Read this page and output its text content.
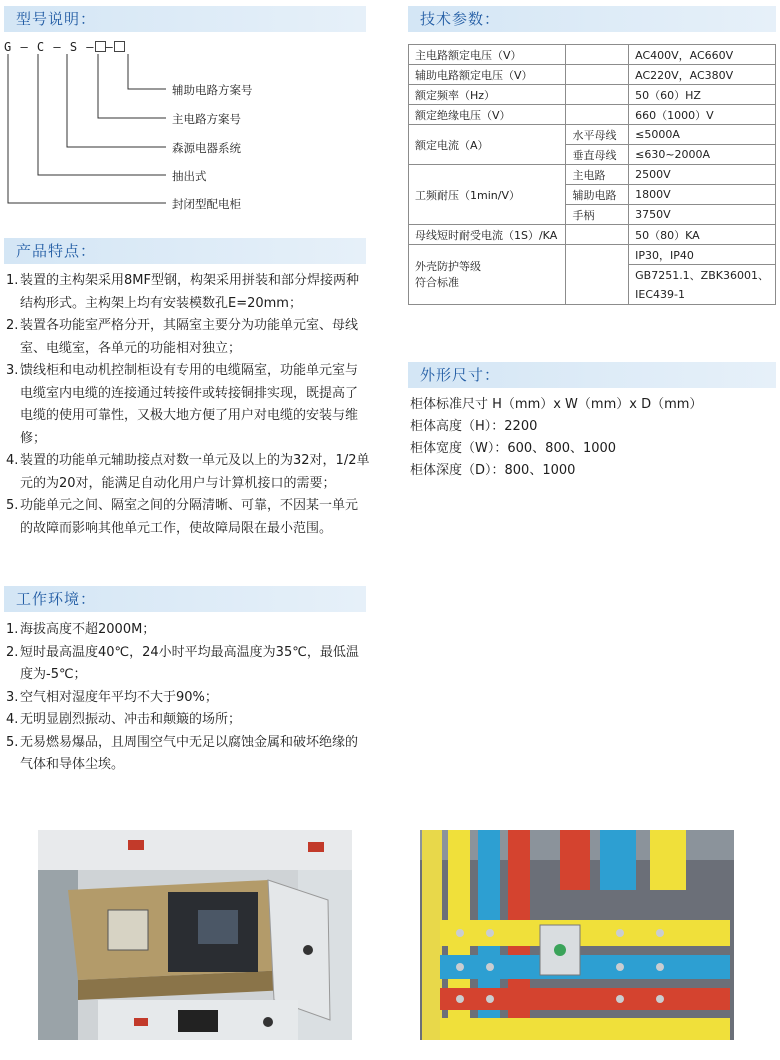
型号说明：
G — C — S — —
辅助电路方案号
主电路方案号
森源电器系统
抽出式
封闭型配电柜
产品特点：
1. 装置的主构架采用8MF型钢，构架采用拼装和部分焊接两种结构形式。主构架上均有安装模数孔E=20mm；
2. 装置各功能室严格分开，其隔室主要分为功能单元室、母线室、电缆室，各单元的功能相对独立；
3. 馈线柜和电动机控制柜设有专用的电缆隔室，功能单元室与电缆室内电缆的连接通过转接件或转接铜排实现，既提高了电缆的使用可靠性，又极大地方便了用户对电缆的安装与维修；
4. 装置的功能单元辅助接点对数一单元及以上的为32对，1/2单元的为20对，能满足自动化用户与计算机接口的需要；
5. 功能单元之间、隔室之间的分隔清晰、可靠，不因某一单元的故障而影响其他单元工作，使故障局限在最小范围。
工作环境：
1. 海拔高度不超2000M；
2. 短时最高温度40℃，24小时平均最高温度为35℃，最低温度为-5℃；
3. 空气相对湿度年平均不大于90%；
4. 无明显剧烈振动、冲击和颠簸的场所；
5. 无易燃易爆品，且周围空气中无足以腐蚀金属和破坏绝缘的气体和导体尘埃。
技术参数：
主电路额定电压（V）		AC400V，AC660V
辅助电路额定电压（V）		AC220V，AC380V
额定频率（Hz）		50（60）HZ
额定绝缘电压（V）		660（1000）V
额定电流（A）	水平母线	≤5000A
	垂直母线	≤630~2000A
工频耐压（1min/V）	主电路	2500V
	辅助电路	1800V
	手柄	3750V
母线短时耐受电流（1S）/KA		50（80）KA

外壳防护等级
符合标准		IP30，IP40
		GB7251.1、ZBK36001、
		IEC439-1
外形尺寸：
柜体标准尺寸 H（mm）x W（mm）x D（mm）
柜体高度（H）：2200
柜体宽度（W）：600、800、1000
柜体深度（D）：800、1000
